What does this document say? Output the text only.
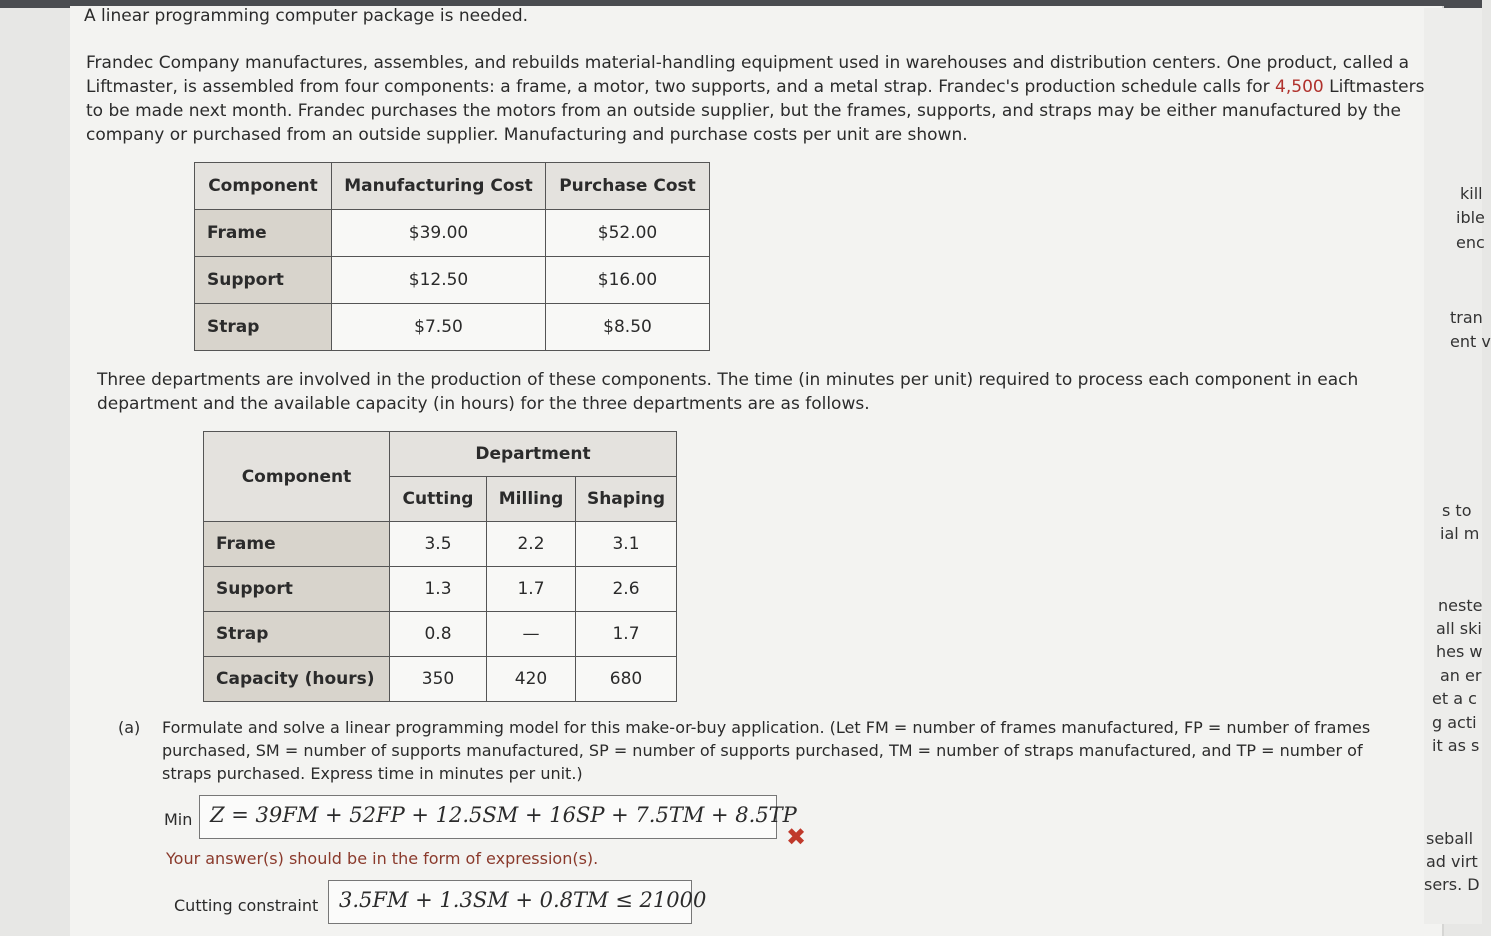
kill
ible
enc
tran
ent v
s to
ial m
neste
all ski
hes w
an er
et a c
g acti
it as s
seball
ad virt
sers. D
A linear programming computer package is needed.
Frandec Company manufactures, assembles, and rebuilds material-handling equipment used in warehouses and distribution centers. One product, called a Liftmaster, is assembled from four components: a frame, a motor, two supports, and a metal strap. Frandec's production schedule calls for 4,500 Liftmasters to be made next month. Frandec purchases the motors from an outside supplier, but the frames, supports, and straps may be either manufactured by the company or purchased from an outside supplier. Manufacturing and purchase costs per unit are shown.
Component	Manufacturing Cost	Purchase Cost
Frame	$39.00	$52.00
Support	$12.50	$16.00
Strap	$7.50	$8.50
Three departments are involved in the production of these components. The time (in minutes per unit) required to process each component in each department and the available capacity (in hours) for the three departments are as follows.
Component	Department		
	Cutting	Milling	Shaping
Frame	3.5	2.2	3.1
Support	1.3	1.7	2.6
Strap	0.8	—	1.7
Capacity (hours)	350	420	680
(a) Formulate and solve a linear programming model for this make-or-buy application. (Let FM = number of frames manufactured, FP = number of frames purchased, SM = number of supports manufactured, SP = number of supports purchased, TM = number of straps manufactured, and TP = number of straps purchased. Express time in minutes per unit.)
Min Z = 39FM + 52FP + 12.5SM + 16SP + 7.5TM + 8.5TP
✖
Your answer(s) should be in the form of expression(s).
Cutting constraint 3.5FM + 1.3SM + 0.8TM ≤ 21000
